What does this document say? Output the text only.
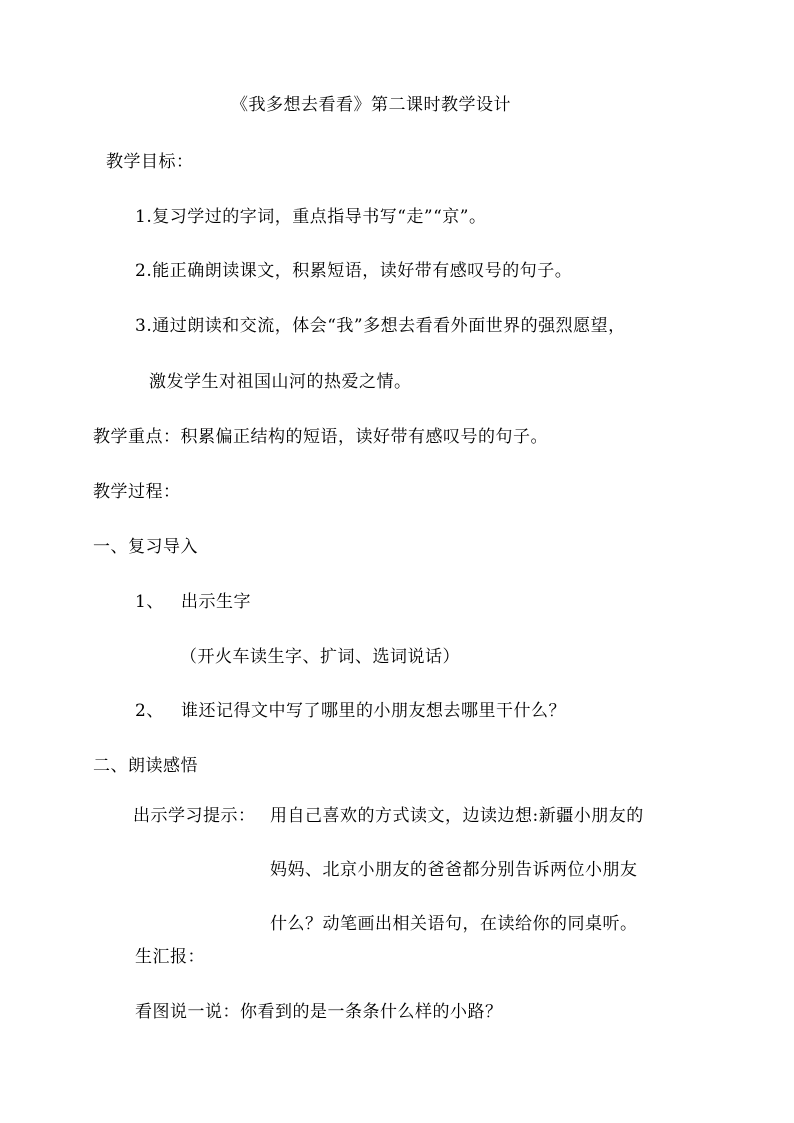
《我多想去看看》第二课时教学设计
教学目标：
1.复习学过的字词，重点指导书写“走”“京”。
2.能正确朗读课文，积累短语，读好带有感叹号的句子。
3.通过朗读和交流，体会“我”多想去看看外面世界的强烈愿望，
激发学生对祖国山河的热爱之情。
教学重点：积累偏正结构的短语，读好带有感叹号的句子。
教学过程：
一、复习导入
1、 出示生字
（开火车读生字、扩词、选词说话）
2、 谁还记得文中写了哪里的小朋友想去哪里干什么？
二、朗读感悟
出示学习提示： 用自己喜欢的方式读文，边读边想:新疆小朋友的
妈妈、北京小朋友的爸爸都分别告诉两位小朋友
什么？动笔画出相关语句，在读给你的同桌听。
生汇报：
看图说一说：你看到的是一条条什么样的小路？
